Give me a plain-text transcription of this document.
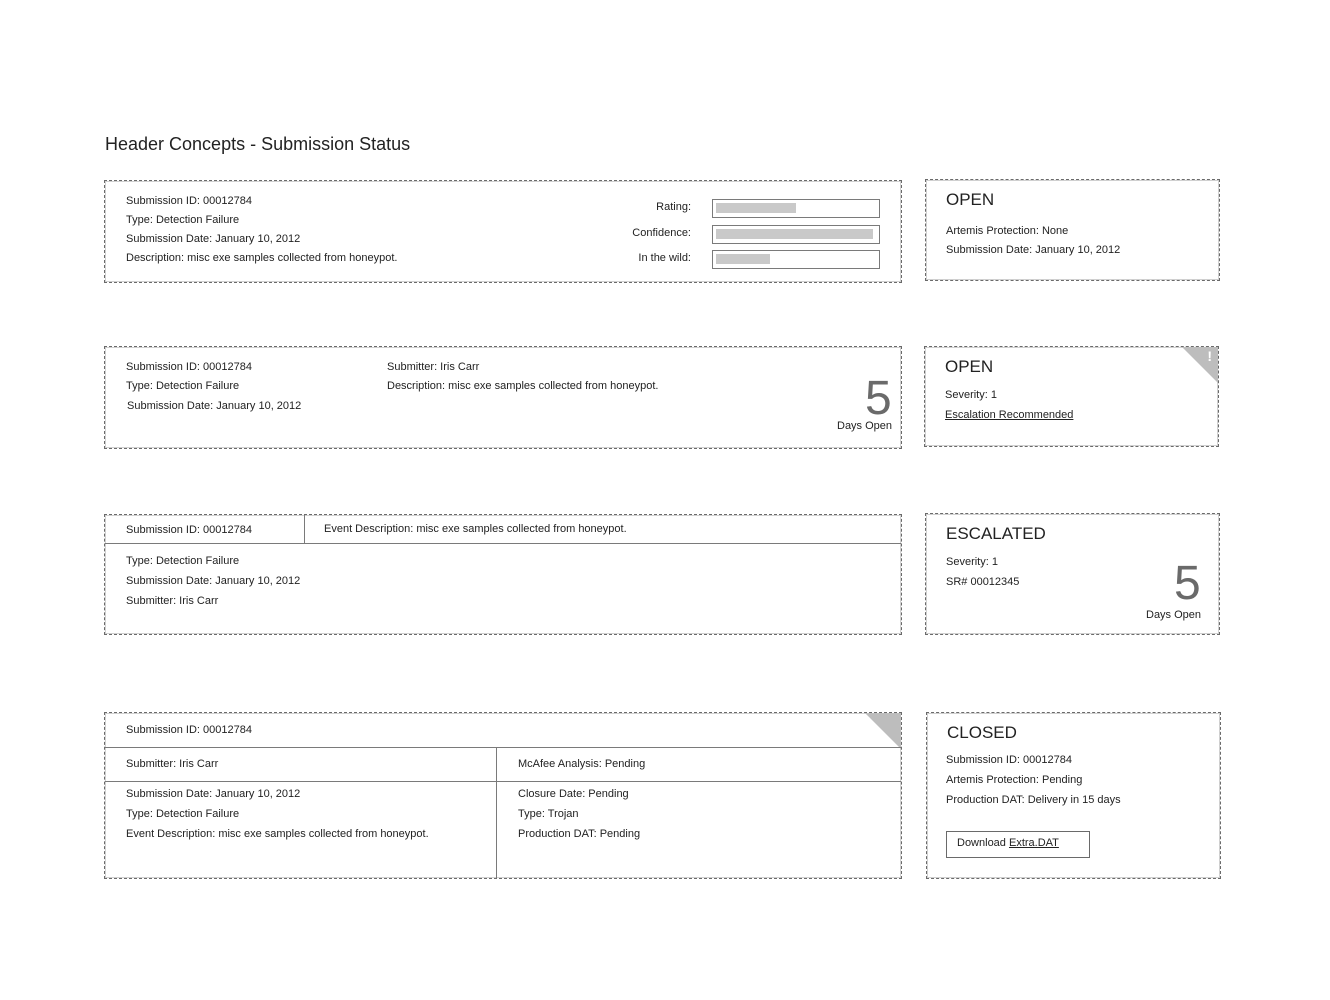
Header Concepts - Submission Status
Submission ID: 00012784
Type: Detection Failure
Submission Date: January 10, 2012
Description: misc exe samples collected from honeypot.
Rating:
Confidence:
In the wild:
OPEN
Artemis Protection: None
Submission Date: January 10, 2012
Submission ID: 00012784
Type: Detection Failure
Submission Date: January 10, 2012
Submitter: Iris Carr
Description: misc exe samples collected from honeypot.	5
Days Open
!
OPEN
Severity: 1
Escalation Recommended
Submission ID: 00012784	Event Description: misc exe samples collected from honeypot.
Type: Detection Failure
Submission Date: January 10, 2012
Submitter: Iris Carr
ESCALATED
Severity: 1
SR# 00012345	5
Days Open
Submission ID: 00012784
Submitter: Iris Carr	McAfee Analysis: Pending
Submission Date: January 10, 2012
Type: Detection Failure
Event Description: misc exe samples collected from honeypot.
Closure Date: Pending
Type: Trojan
Production DAT: Pending
CLOSED
Submission ID: 00012784
Artemis Protection: Pending
Production DAT: Delivery in 15 days
Download Extra.DAT
